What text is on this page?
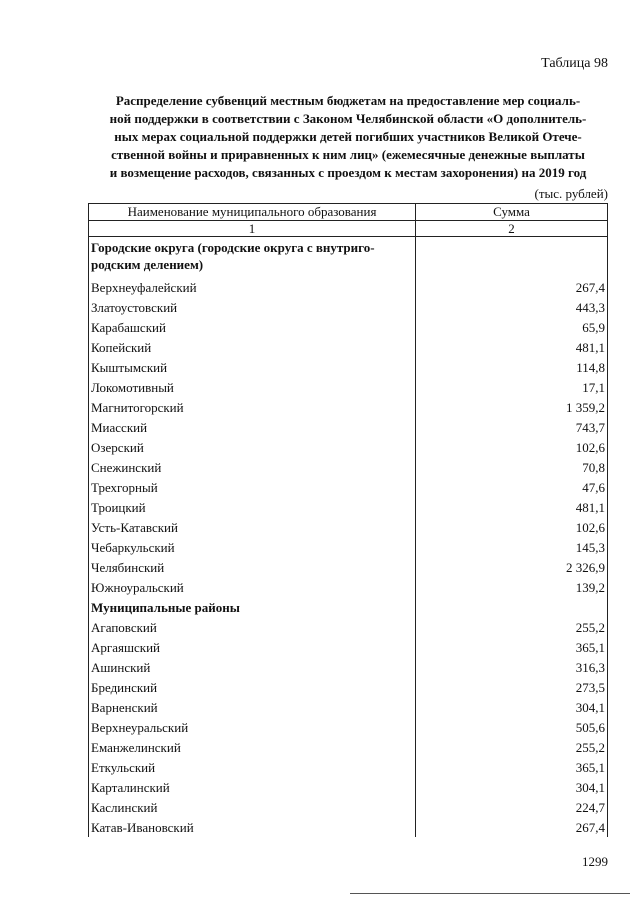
Таблица 98
Распределение субвенций местным бюджетам на предоставление мер социаль-
ной поддержки в соответствии с Законом Челябинской области «О дополнитель-
ных мерах социальной поддержки детей погибших участников Великой Отече-
ственной войны и приравненных к ним лиц» (ежемесячные денежные выплаты
и возмещение расходов, связанных с проездом к местам захоронения) на 2019 год
(тыс. рублей)
Наименование муниципального образования	Сумма
1	2
Городские округа (городские округа с внутриго-
родским делением)	
Верхнеуфалейский	267,4
Златоустовский	443,3
Карабашский	65,9
Копейский	481,1
Кыштымский	114,8
Локомотивный	17,1
Магнитогорский	1 359,2
Миасский	743,7
Озерский	102,6
Снежинский	70,8
Трехгорный	47,6
Троицкий	481,1
Усть-Катавский	102,6
Чебаркульский	145,3
Челябинский	2 326,9
Южноуральский	139,2
Муниципальные районы	
Агаповский	255,2
Аргаяшский	365,1
Ашинский	316,3
Брединский	273,5
Варненский	304,1
Верхнеуральский	505,6
Еманжелинский	255,2
Еткульский	365,1
Карталинский	304,1
Каслинский	224,7
Катав-Ивановский	267,4
1299
